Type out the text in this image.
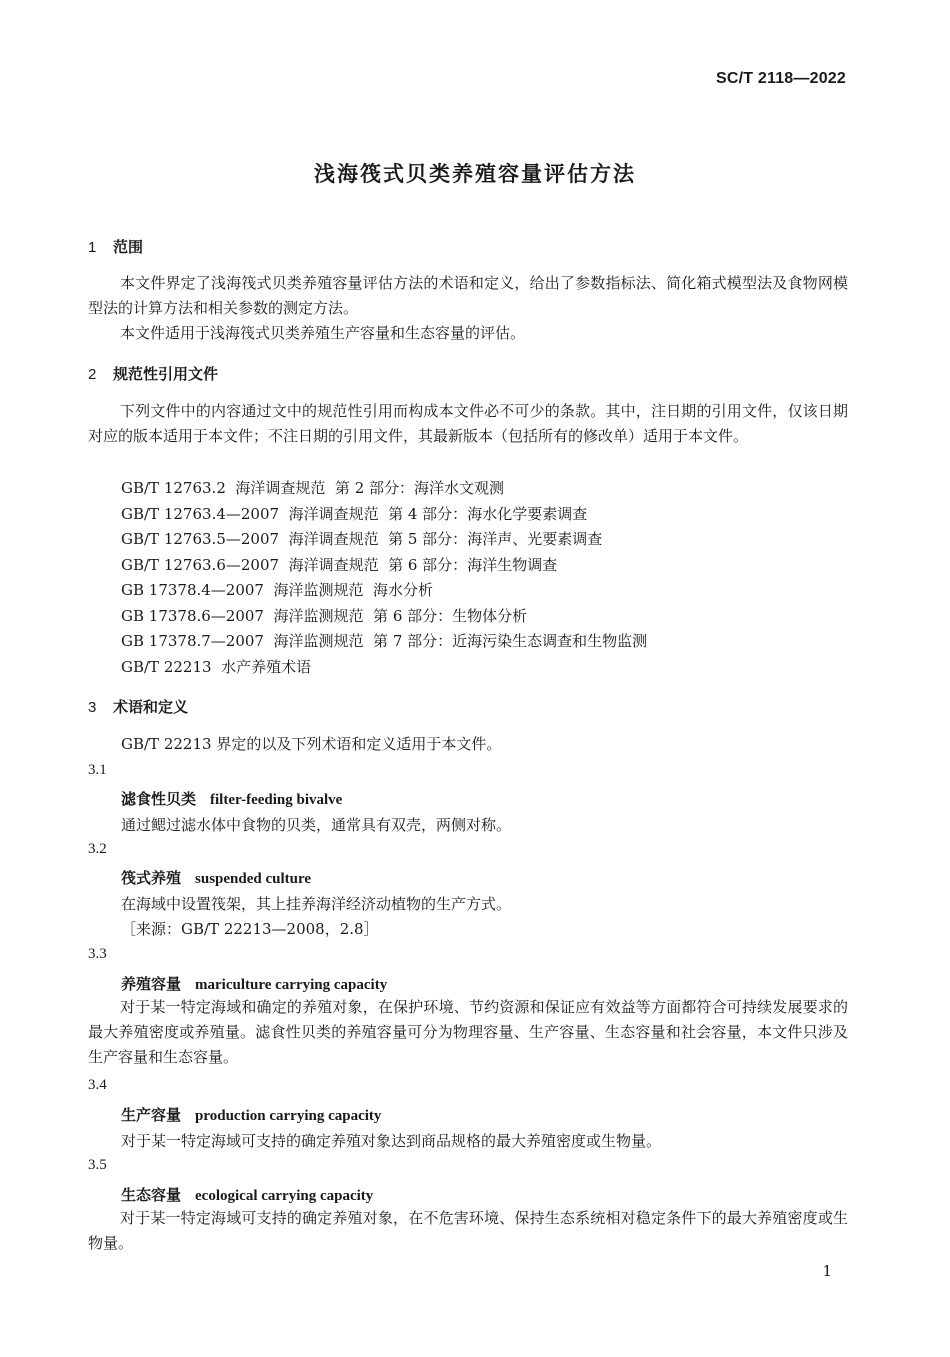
SC/T 2118—2022
浅海筏式贝类养殖容量评估方法
1 范围

本文件界定了浅海筏式贝类养殖容量评估方法的术语和定义，给出了参数指标法、简化箱式模型法及食物网模型法的计算方法和相关参数的测定方法。

本文件适用于浅海筏式贝类养殖生产容量和生态容量的评估。

2 规范性引用文件

下列文件中的内容通过文中的规范性引用而构成本文件必不可少的条款。其中，注日期的引用文件，仅该日期对应的版本适用于本文件；不注日期的引用文件，其最新版本（包括所有的修改单）适用于本文件。

GB/T 12763.2  海洋调查规范  第 2 部分：海洋水文观测
GB/T 12763.4—2007  海洋调查规范  第 4 部分：海水化学要素调查
GB/T 12763.5—2007  海洋调查规范  第 5 部分：海洋声、光要素调查
GB/T 12763.6—2007  海洋调查规范  第 6 部分：海洋生物调查
GB 17378.4—2007  海洋监测规范  海水分析
GB 17378.6—2007  海洋监测规范  第 6 部分：生物体分析
GB 17378.7—2007  海洋监测规范  第 7 部分：近海污染生态调查和生物监测
GB/T 22213  水产养殖术语
3 术语和定义
GB/T 22213 界定的以及下列术语和定义适用于本文件。
3.1
滤食性贝类 filter-feeding bivalve
通过鳃过滤水体中食物的贝类，通常具有双壳，两侧对称。
3.2
筏式养殖 suspended culture
在海域中设置筏架，其上挂养海洋经济动植物的生产方式。
［来源：GB/T 22213—2008，2.8］
3.3
养殖容量 mariculture carrying capacity

对于某一特定海域和确定的养殖对象，在保护环境、节约资源和保证应有效益等方面都符合可持续发展要求的最大养殖密度或养殖量。滤食性贝类的养殖容量可分为物理容量、生产容量、生态容量和社会容量，本文件只涉及生产容量和生态容量。

3.4
生产容量 production carrying capacity
对于某一特定海域可支持的确定养殖对象达到商品规格的最大养殖密度或生物量。
3.5
生态容量 ecological carrying capacity

对于某一特定海域可支持的确定养殖对象，在不危害环境、保持生态系统相对稳定条件下的最大养殖密度或生物量。

1
